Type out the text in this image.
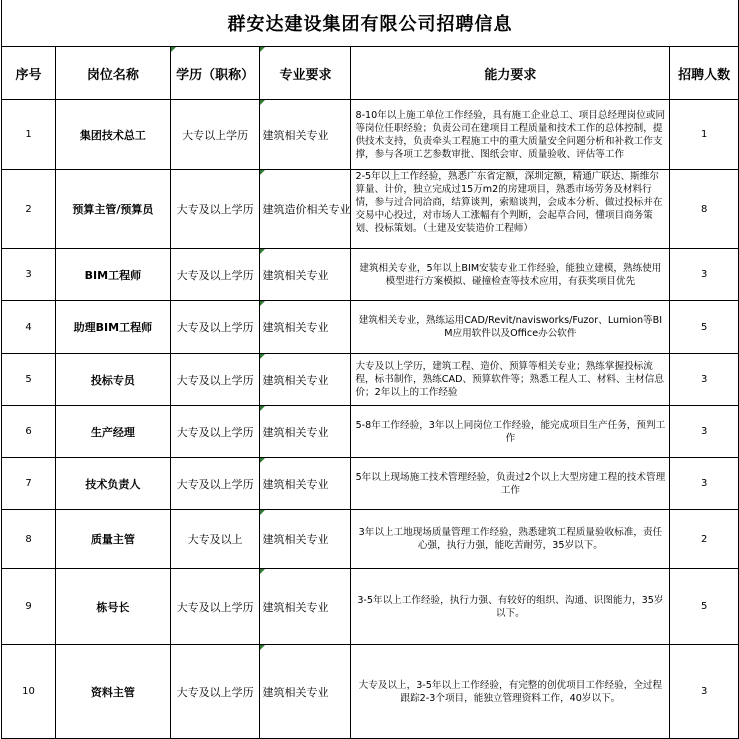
群安达建设集团有限公司招聘信息					
序号	岗位名称	学历（职称）	专业要求	能力要求	招聘人数
1	集团技术总工	大专以上学历	建筑相关专业	8-10年以上施工单位工作经验，具有施工企业总工、项目总经理岗位或同等岗位任职经验；负责公司在建项目工程质量和技术工作的总体控制，提供技术支持，负责牵头工程施工中的重大质量安全问题分析和补救工作支撑，参与各项工艺参数审批、图纸会审、质量验收、评估等工作	1
2	预算主管/预算员	大专及以上学历	建筑造价相关专业	2-5年以上工作经验，熟悉广东省定额，深圳定额，精通广联达、斯维尔算量、计价，独立完成过15万m2的房建项目，熟悉市场劳务及材料行情，参与过合同洽商，结算谈判，索赔谈判，会成本分析、做过投标并在交易中心投过，对市场人工涨幅有个判断，会起草合同，懂项目商务策划、投标策划。（土建及安装造价工程师）	8
3	BIM工程师	大专及以上学历	建筑相关专业	建筑相关专业，5年以上BIM安装专业工作经验，能独立建模，熟练使用模型进行方案模拟、碰撞检查等技术应用，有获奖项目优先	3
4	助理BIM工程师	大专及以上学历	建筑相关专业	建筑相关专业，熟练运用CAD/Revit/navisworks/Fuzor、Lumion等BIM应用软件以及Office办公软件	5
5	投标专员	大专及以上学历	建筑相关专业	大专及以上学历，建筑工程、造价、预算等相关专业；熟练掌握投标流程，标书制作，熟练CAD、预算软件等；熟悉工程人工、材料、主材信息价；2年以上的工作经验	3
6	生产经理	大专及以上学历	建筑相关专业	5-8年工作经验，3年以上同岗位工作经验，能完成项目生产任务，预判工作	3
7	技术负责人	大专及以上学历	建筑相关专业	5年以上现场施工技术管理经验，负责过2个以上大型房建工程的技术管理工作	3
8	质量主管	大专及以上	建筑相关专业	3年以上工地现场质量管理工作经验，熟悉建筑工程质量验收标准，责任心强，执行力强，能吃苦耐劳，35岁以下。	2
9	栋号长	大专及以上学历	建筑相关专业	3-5年以上工作经验，执行力强、有较好的组织、沟通、识图能力，35岁以下。	5
10	资料主管	大专及以上学历	建筑相关专业	大专及以上，3-5年以上工作经验，有完整的创优项目工作经验，全过程跟踪2-3个项目，能独立管理资料工作，40岁以下。	3
